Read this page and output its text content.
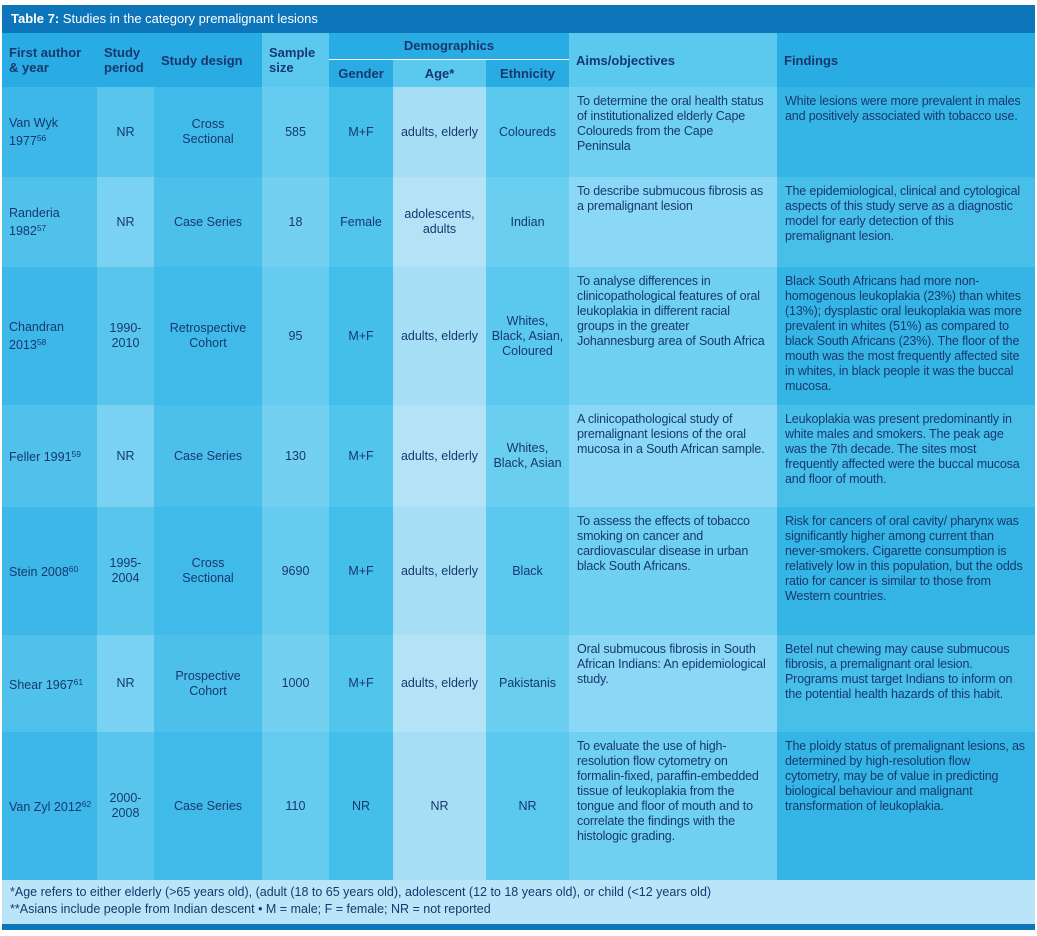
Table 7: Studies in the category premalignant lesions
First author & year	Study period	Study design	Sample size	Demographics			Aims/objectives	Findings
				Gender	Age*	Ethnicity		
Van Wyk 1977$^{56}$	NR	Cross Sectional	585	M+F	adults, elderly	Coloureds	To determine the oral health status of institutionalized elderly Cape Coloureds from the Cape Peninsula	White lesions were more prevalent in males and positively associated with tobacco use.
Randeria 1982$^{57}$	NR	Case Series	18	Female	adolescents, adults	Indian	To describe submucous fibrosis as a premalignant lesion	The epidemiological, clinical and cytological aspects of this study serve as a diagnostic model for early detection of this premalignant lesion.
Chandran 2013$^{58}$	1990-2010	Retrospective Cohort	95	M+F	adults, elderly	Whites, Black, Asian, Coloured	To analyse differences in clinicopathological features of oral leukoplakia in different racial groups in the greater Johannesburg area of South Africa	Black South Africans had more non-homogenous leukoplakia (23%) than whites (13%); dysplastic oral leukoplakia was more prevalent in whites (51%) as compared to black South Africans (23%). The floor of the mouth was the most frequently affected site in whites, in black people it was the buccal mucosa.
Feller 1991$^{59}$	NR	Case Series	130	M+F	adults, elderly	Whites, Black, Asian	A clinicopathological study of premalignant lesions of the oral mucosa in a South African sample.	Leukoplakia was present predominantly in white males and smokers. The peak age was the 7th decade. The sites most frequently affected were the buccal mucosa and floor of mouth.
Stein 2008$^{60}$	1995-2004	Cross Sectional	9690	M+F	adults, elderly	Black	To assess the effects of tobacco smoking on cancer and cardiovascular disease in urban black South Africans.	Risk for cancers of oral cavity/ pharynx was significantly higher among current than never-smokers. Cigarette consumption is relatively low in this population, but the odds ratio for cancer is similar to those from Western countries.
Shear 1967$^{61}$	NR	Prospective Cohort	1000	M+F	adults, elderly	Pakistanis	Oral submucous fibrosis in South African Indians: An epidemiological study.	Betel nut chewing may cause submucous fibrosis, a premalignant oral lesion. Programs must target Indians to inform on the potential health hazards of this habit.
Van Zyl 2012$^{62}$	2000-2008	Case Series	110	NR	NR	NR	To evaluate the use of high-resolution flow cytometry on formalin-fixed, paraffin-embedded tissue of leukoplakia from the tongue and floor of mouth and to correlate the findings with the histologic grading.	The ploidy status of premalignant lesions, as determined by high-resolution flow cytometry, may be of value in predicting biological behaviour and malignant transformation of leukoplakia.
*Age refers to either elderly (>65 years old), (adult (18 to 65 years old), adolescent (12 to 18 years old), or child (<12 years old)
**Asians include people from Indian descent • M = male; F = female; NR = not reported
